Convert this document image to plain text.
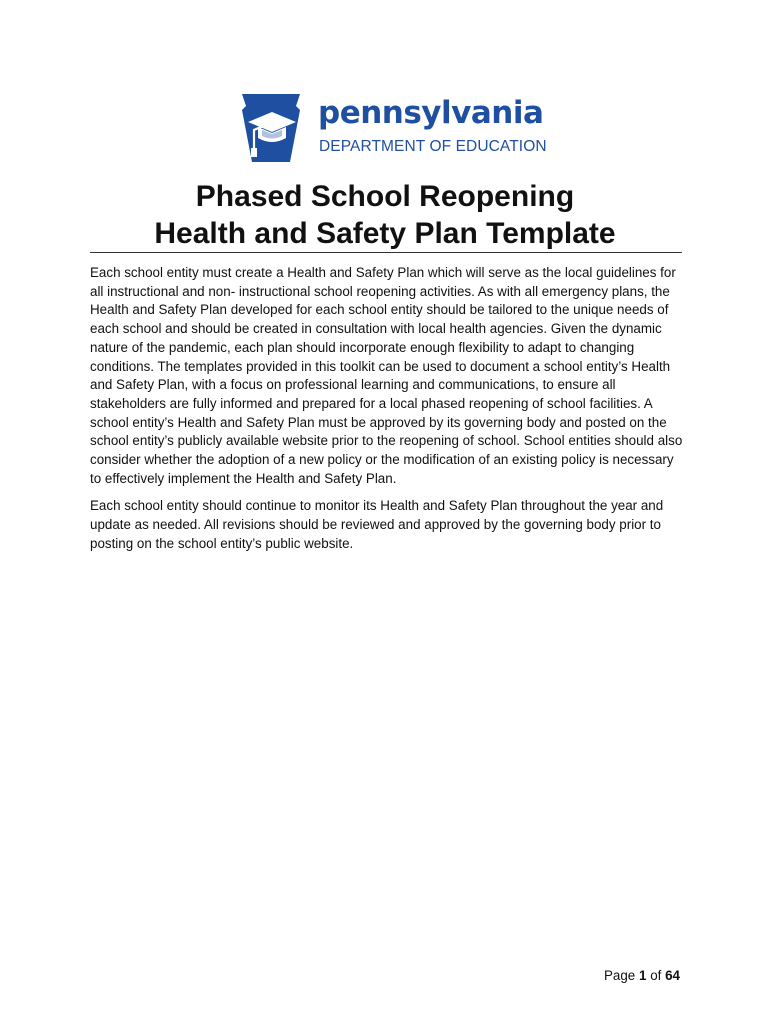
pennsylvania
DEPARTMENT OF EDUCATION
Phased School Reopening
Health and Safety Plan Template

Each school entity must create a Health and Safety Plan which will serve as the local guidelines for all instructional and non- instructional school reopening activities. As with all emergency plans, the Health and Safety Plan developed for each school entity should be tailored to the unique needs of each school and should be created in consultation with local health agencies. Given the dynamic nature of the pandemic, each plan should incorporate enough flexibility to adapt to changing conditions. The templates provided in this toolkit can be used to document a school entity’s Health and Safety Plan, with a focus on professional learning and communications, to ensure all stakeholders are fully informed and prepared for a local phased reopening of school facilities. A school entity’s Health and Safety Plan must be approved by its governing body and posted on the school entity’s publicly available website prior to the reopening of school. School entities should also consider whether the adoption of a new policy or the modification of an existing policy is necessary to effectively implement the Health and Safety Plan.

Each school entity should continue to monitor its Health and Safety Plan throughout the year and update as needed. All revisions should be reviewed and approved by the governing body prior to posting on the school entity’s public website.

Page 1 of 64
